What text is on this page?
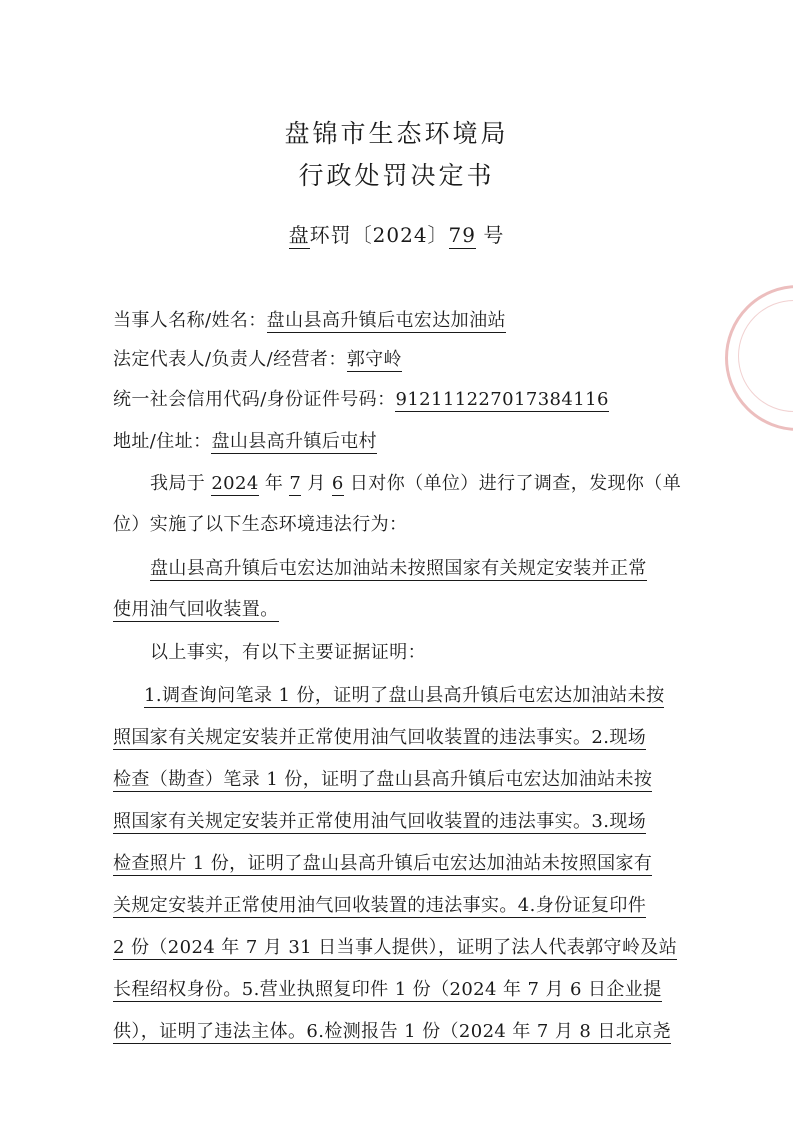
盘锦市生态环境局
行政处罚决定书
盘环罚〔2024〕79 号
当事人名称/姓名：盘山县高升镇后屯宏达加油站
法定代表人/负责人/经营者：郭守岭
统一社会信用代码/身份证件号码：912111227017384116
地址/住址：盘山县高升镇后屯村
我局于 2024 年 7 月 6 日对你（单位）进行了调查，发现你（单
位）实施了以下生态环境违法行为：
盘山县高升镇后屯宏达加油站未按照国家有关规定安装并正常
使用油气回收装置。
以上事实，有以下主要证据证明：
1.调查询问笔录 1 份，证明了盘山县高升镇后屯宏达加油站未按
照国家有关规定安装并正常使用油气回收装置的违法事实。2.现场
检查（勘查）笔录 1 份，证明了盘山县高升镇后屯宏达加油站未按
照国家有关规定安装并正常使用油气回收装置的违法事实。3.现场
检查照片 1 份，证明了盘山县高升镇后屯宏达加油站未按照国家有
关规定安装并正常使用油气回收装置的违法事实。4.身份证复印件
2 份（2024 年 7 月 31 日当事人提供），证明了法人代表郭守岭及站
长程绍权身份。5.营业执照复印件 1 份（2024 年 7 月 6 日企业提
供），证明了违法主体。6.检测报告 1 份（2024 年 7 月 8 日北京尧
